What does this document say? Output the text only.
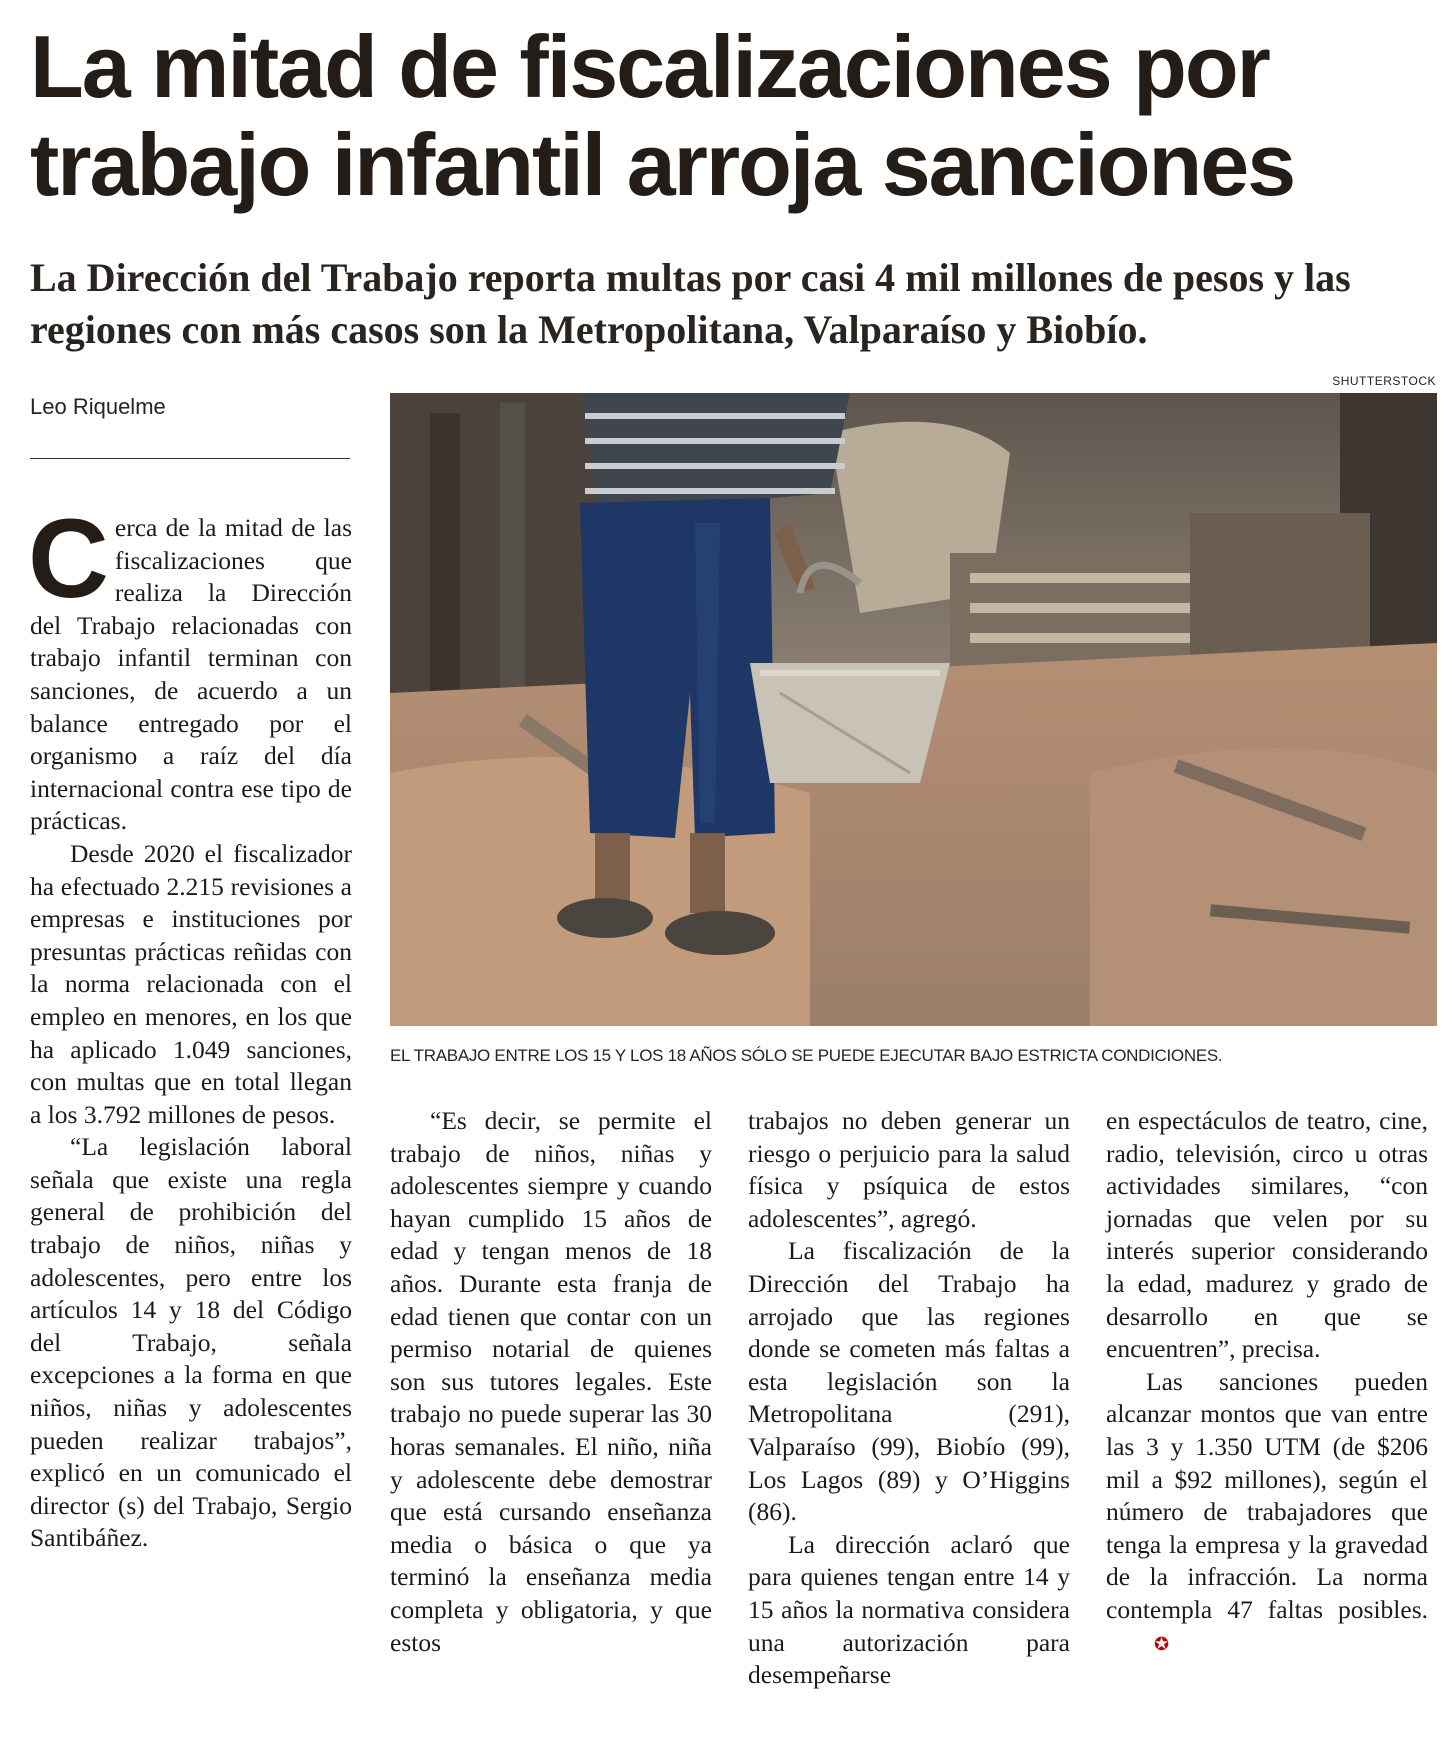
La mitad de fiscalizaciones por trabajo infantil arroja sanciones
La Dirección del Trabajo reporta multas por casi 4 mil millones de pesos y las regiones con más casos son la Metropolitana, Valparaíso y Biobío.
SHUTTERSTOCK
Leo Riquelme
EL TRABAJO ENTRE LOS 15 Y LOS 18 AÑOS SÓLO SE PUEDE EJECUTAR BAJO ESTRICTA CONDICIONES.

Cerca de la mitad de las fiscalizaciones que realiza la Dirección del Trabajo relacionadas con trabajo infantil terminan con sanciones, de acuerdo a un balance entregado por el organismo a raíz del día internacional contra ese tipo de prácticas.

Desde 2020 el fiscalizador ha efectuado 2.215 revisiones a empresas e instituciones por presuntas prácticas reñidas con la norma relacionada con el empleo en menores, en los que ha aplicado 1.049 sanciones, con multas que en total llegan a los 3.792 millones de pesos.

“La legislación laboral señala que existe una regla general de prohibición del trabajo de niños, niñas y adolescentes, pero entre los artículos 14 y 18 del Código del Trabajo, señala excepciones a la forma en que niños, niñas y adolescentes pueden realizar trabajos”, explicó en un comunicado el director (s) del Trabajo, Sergio Santibáñez.

“Es decir, se permite el trabajo de niños, niñas y adolescentes siempre y cuando hayan cumplido 15 años de edad y tengan menos de 18 años. Durante esta franja de edad tienen que contar con un permiso notarial de quienes son sus tutores legales. Este trabajo no puede superar las 30 horas semanales. El niño, niña y adolescente debe demostrar que está cursando enseñanza media o básica o que ya terminó la enseñanza media completa y obligatoria, y que estos

trabajos no deben generar un riesgo o perjuicio para la salud física y psíquica de estos adolescentes”, agregó.

La fiscalización de la Dirección del Trabajo ha arrojado que las regiones donde se cometen más faltas a esta legislación son la Metropolitana (291), Valparaíso (99), Biobío (99), Los Lagos (89) y O’Higgins (86).

La dirección aclaró que para quienes tengan entre 14 y 15 años la normativa considera una autorización para desempeñarse

en espectáculos de teatro, cine, radio, televisión, circo u otras actividades similares, “con jornadas que velen por su interés superior considerando la edad, madurez y grado de desarrollo en que se encuentren”, precisa.

Las sanciones pueden alcanzar montos que van entre las 3 y 1.350 UTM (de $206 mil a $92 millones), según el número de trabajadores que tenga la empresa y la gravedad de la infracción. La norma contempla 47 faltas posibles.✪
